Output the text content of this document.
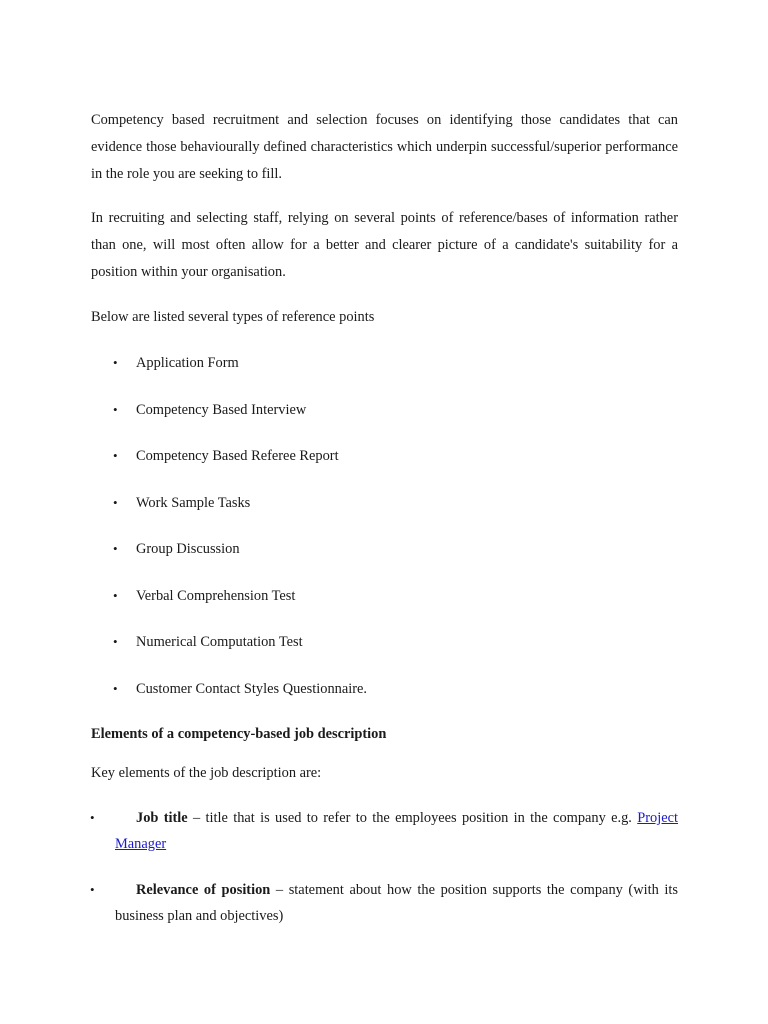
Competency based recruitment and selection focuses on identifying those candidates that can evidence those behaviourally defined characteristics which underpin successful/superior performance in the role you are seeking to fill.

In recruiting and selecting staff, relying on several points of reference/bases of information rather than one, will most often allow for a better and clearer picture of a candidate's suitability for a position within your organisation.

Below are listed several types of reference points

• Application Form
• Competency Based Interview
• Competency Based Referee Report
• Work Sample Tasks
• Group Discussion
• Verbal Comprehension Test
• Numerical Computation Test
• Customer Contact Styles Questionnaire.
Elements of a competency-based job description

Key elements of the job description are:

•	Job title – title that is used to refer to the employees position in the company e.g. Project
Manager
•	Relevance of position – statement about how the position supports the company (with its
business plan and objectives)
